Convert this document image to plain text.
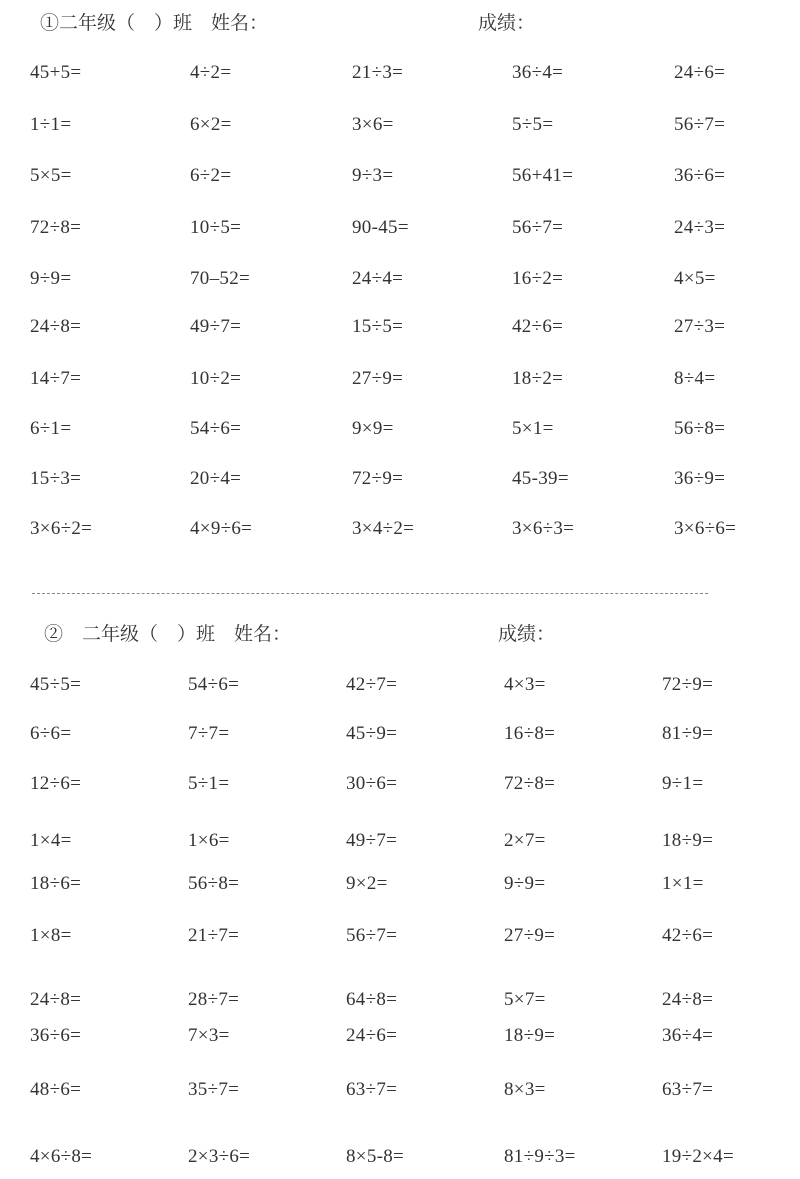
①二年级（　）班　姓名：	成绩：
45+5=	4÷2=	21÷3=	36÷4=	24÷6=
1÷1=	6×2=	3×6=	5÷5=	56÷7=
5×5=	6÷2=	9÷3=	56+41=	36÷6=
72÷8=	10÷5=	90-45=	56÷7=	24÷3=
9÷9=	70–52=	24÷4=	16÷2=	4×5=
24÷8=	49÷7=	15÷5=	42÷6=	27÷3=
14÷7=	10÷2=	27÷9=	18÷2=	8÷4=
6÷1=	54÷6=	9×9=	5×1=	56÷8=
15÷3=	20÷4=	72÷9=	45-39=	36÷9=
3×6÷2=	4×9÷6=	3×4÷2=	3×6÷3=	3×6÷6=
②　二年级（　）班　姓名：	成绩：
45÷5=	54÷6=	42÷7=	4×3=	72÷9=
6÷6=	7÷7=	45÷9=	16÷8=	81÷9=
12÷6=	5÷1=	30÷6=	72÷8=	9÷1=
1×4=	1×6=	49÷7=	2×7=	18÷9=
18÷6=	56÷8=	9×2=	9÷9=	1×1=
1×8=	21÷7=	56÷7=	27÷9=	42÷6=
24÷8=	28÷7=	64÷8=	5×7=	24÷8=
36÷6=	7×3=	24÷6=	18÷9=	36÷4=
48÷6=	35÷7=	63÷7=	8×3=	63÷7=
4×6÷8=	2×3÷6=	8×5-8=	81÷9÷3=	19÷2×4=
